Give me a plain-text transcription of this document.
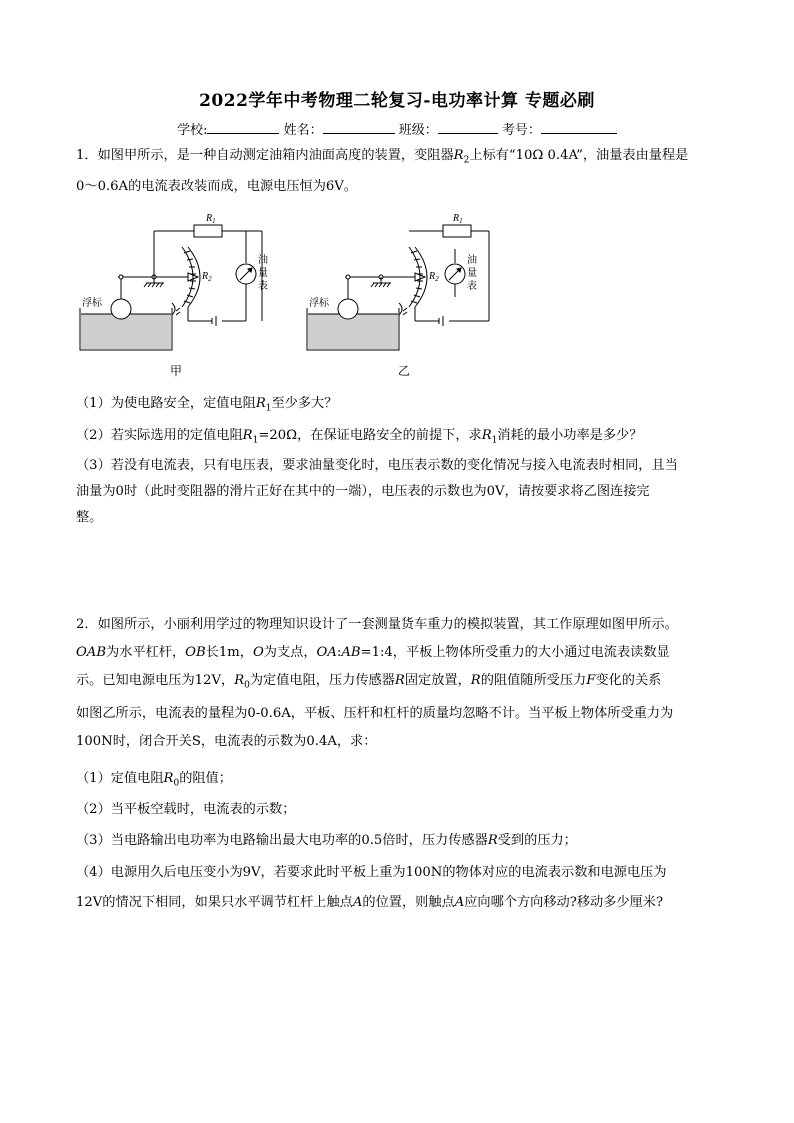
2022学年中考物理二轮复习-电功率计算 专题必刷
学校:	姓名：	班级：	考号：

1．如图甲所示，是一种自动测定油箱内油面高度的装置，变阻器$R_2$上标有“10Ω 0.4A”，油量表由量程是
0～0.6A的电流表改装而成，电源电压恒为6V。

$R_1$
$R_2$
油
量
表
浮标
甲
$R_1$
$R_2$
油
量
表
浮标
乙

（1）为使电路安全，定值电阻$R_1$至少多大？

（2）若实际选用的定值电阻$R_1=20\Omega$，在保证电路安全的前提下，求$R_1$消耗的最小功率是多少？

（3）若没有电流表，只有电压表，要求油量变化时，电压表示数的变化情况与接入电流表时相同，且当
油量为0时（此时变阻器的滑片正好在其中的一端），电压表的示数也为0V，请按要求将乙图连接完
整。

2．如图所示，小丽利用学过的物理知识设计了一套测量货车重力的模拟装置，其工作原理如图甲所示。
OAB为水平杠杆，OB长1m，O为支点，OA:AB=1:4，平板上物体所受重力的大小通过电流表读数显
示。已知电源电压为12V，$R_0$为定值电阻，压力传感器R固定放置，R的阻值随所受压力F变化的关系
如图乙所示，电流表的量程为0-0.6A，平板、压杆和杠杆的质量均忽略不计。当平板上物体所受重力为
100N时，闭合开关S，电流表的示数为0.4A，求：

（1）定值电阻$R_0$的阻值；

（2）当平板空载时，电流表的示数；

（3）当电路输出电功率为电路输出最大电功率的0.5倍时，压力传感器R受到的压力；

（4）电源用久后电压变小为9V，若要求此时平板上重为100N的物体对应的电流表示数和电源电压为
12V的情况下相同，如果只水平调节杠杆上触点A的位置，则触点A应向哪个方向移动?移动多少厘米?
